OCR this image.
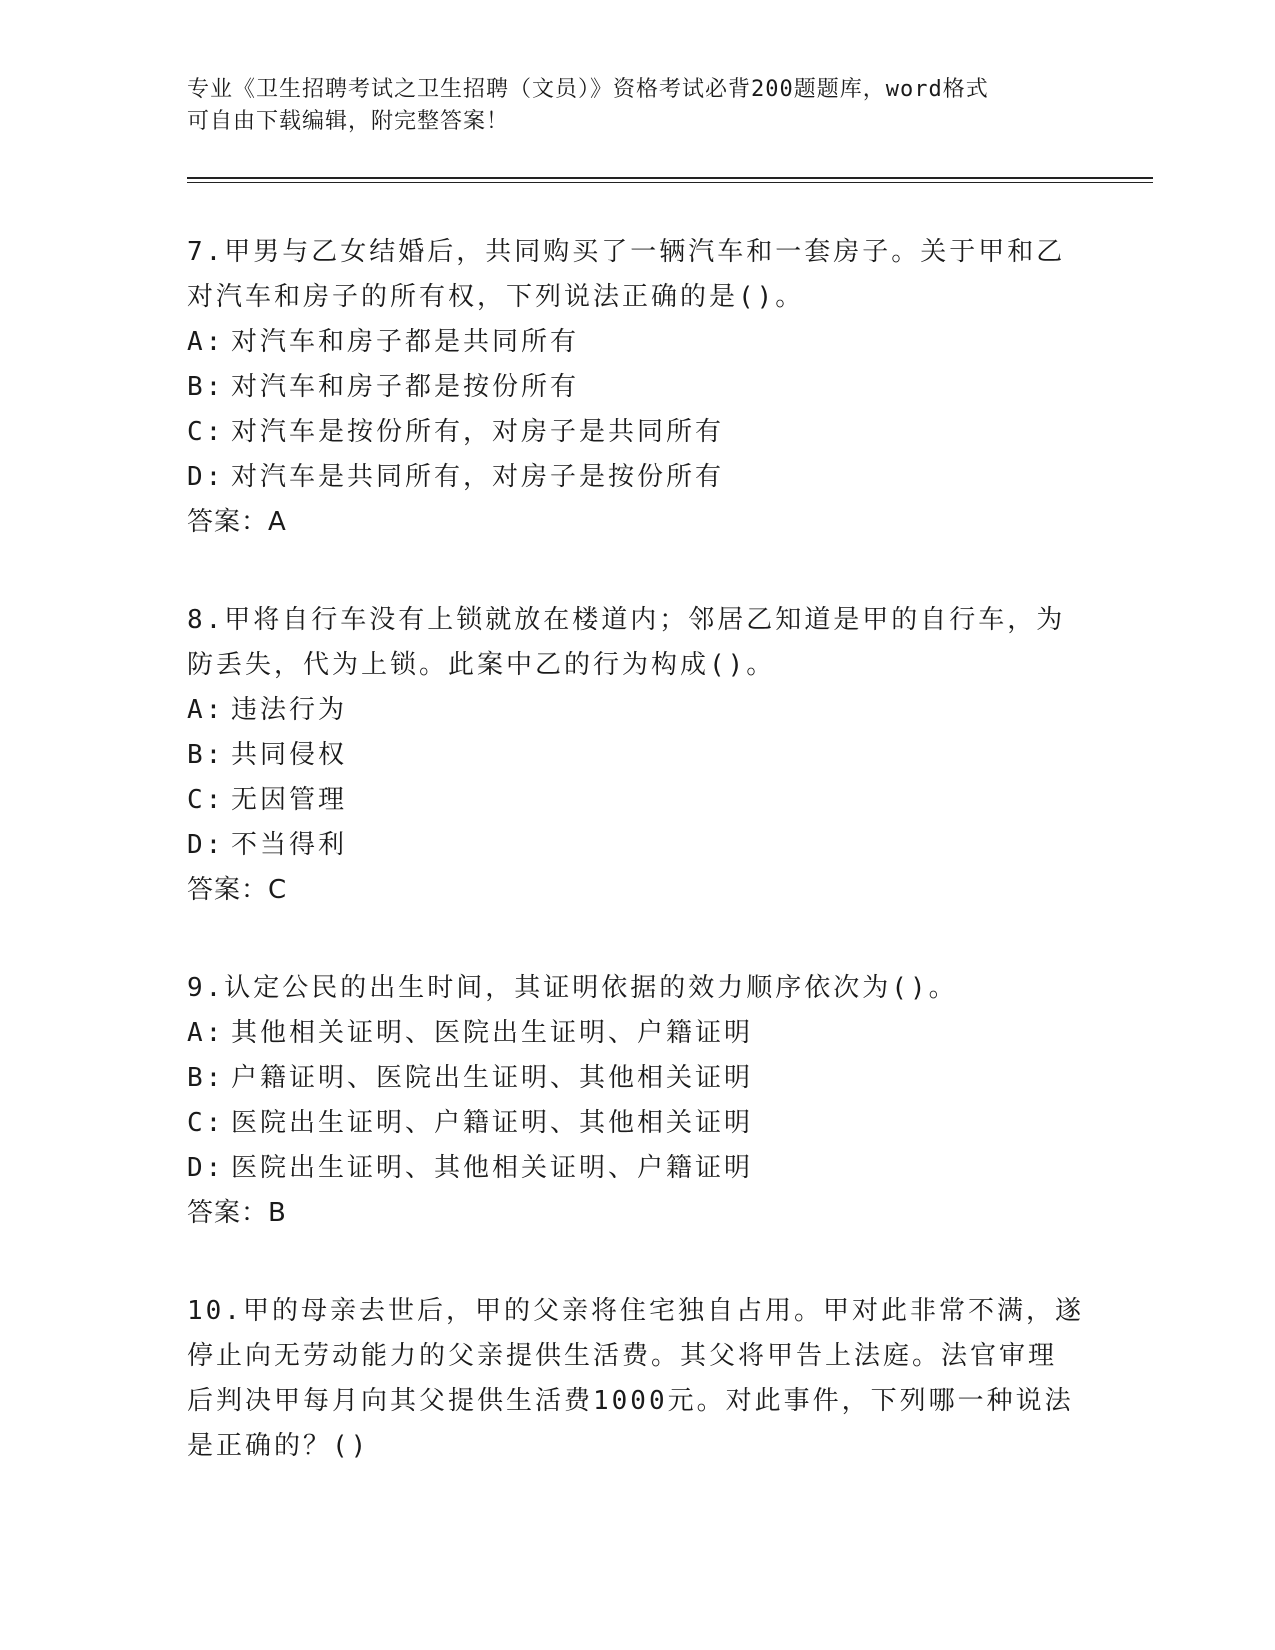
专业《卫生招聘考试之卫生招聘（文员）》资格考试必背200题题库，word格式
可自由下载编辑，附完整答案！
7.甲男与乙女结婚后，共同购买了一辆汽车和一套房子。关于甲和乙
对汽车和房子的所有权，下列说法正确的是()。
A: 对汽车和房子都是共同所有
B: 对汽车和房子都是按份所有
C: 对汽车是按份所有，对房子是共同所有
D: 对汽车是共同所有，对房子是按份所有
答案：A
8.甲将自行车没有上锁就放在楼道内；邻居乙知道是甲的自行车，为
防丢失，代为上锁。此案中乙的行为构成()。
A: 违法行为
B: 共同侵权
C: 无因管理
D: 不当得利
答案：C
9.认定公民的出生时间，其证明依据的效力顺序依次为()。
A: 其他相关证明、医院出生证明、户籍证明
B: 户籍证明、医院出生证明、其他相关证明
C: 医院出生证明、户籍证明、其他相关证明
D: 医院出生证明、其他相关证明、户籍证明
答案：B
10.甲的母亲去世后，甲的父亲将住宅独自占用。甲对此非常不满，遂
停止向无劳动能力的父亲提供生活费。其父将甲告上法庭。法官审理
后判决甲每月向其父提供生活费1000元。对此事件，下列哪一种说法
是正确的？()
